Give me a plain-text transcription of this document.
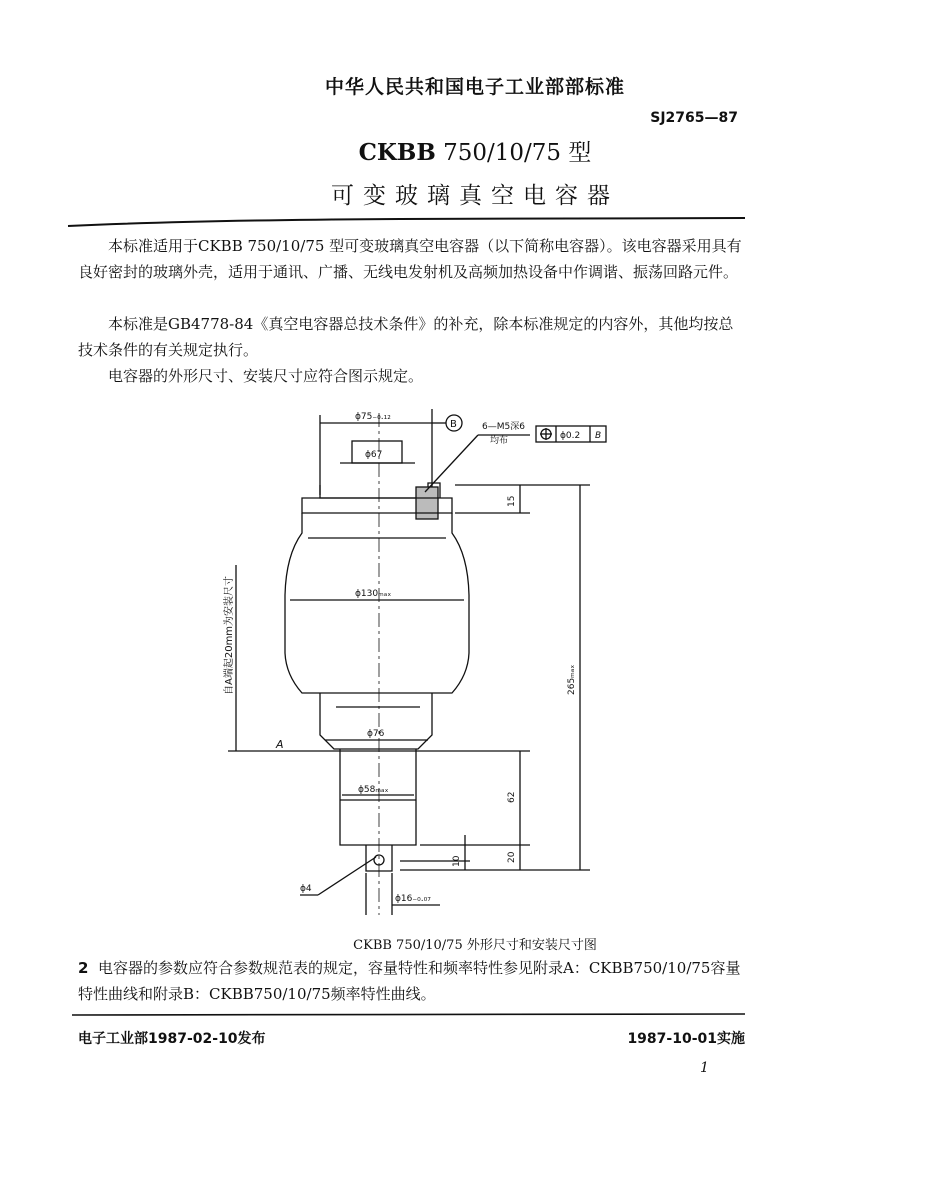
中华人民共和国电子工业部部标准
SJ2765—87
CKBB 750/10/75 型
可变玻璃真空电容器
本标准适用于CKBB 750/10/75 型可变玻璃真空电容器（以下简称电容器）。该电容器采用具有良好密封的玻璃外壳，适用于通讯、广播、无线电发射机及高频加热设备中作调谐、振荡回路元件。
本标准是GB4778-84《真空电容器总技术条件》的补充，除本标准规定的内容外，其他均按总技术条件的有关规定执行。
电容器的外形尺寸、安装尺寸应符合图示规定。
ϕ75₋₀.₁₂
B	6—M5深6
均布	ϕ0.2 B
ϕ67
ϕ130ₘₐₓ
ϕ76
ϕ58ₘₐₓ
ϕ4
ϕ16₋₀.₀₇
15
265ₘₐₓ
62
20
10
A
自A端起20mm为安装尺寸
CKBB 750/10/75 外形尺寸和安装尺寸图
2 电容器的参数应符合参数规范表的规定，容量特性和频率特性参见附录A：CKBB750/10/75容量特性曲线和附录B：CKBB750/10/75频率特性曲线。
电子工业部1987-02-10发布	1987-10-01实施
1
